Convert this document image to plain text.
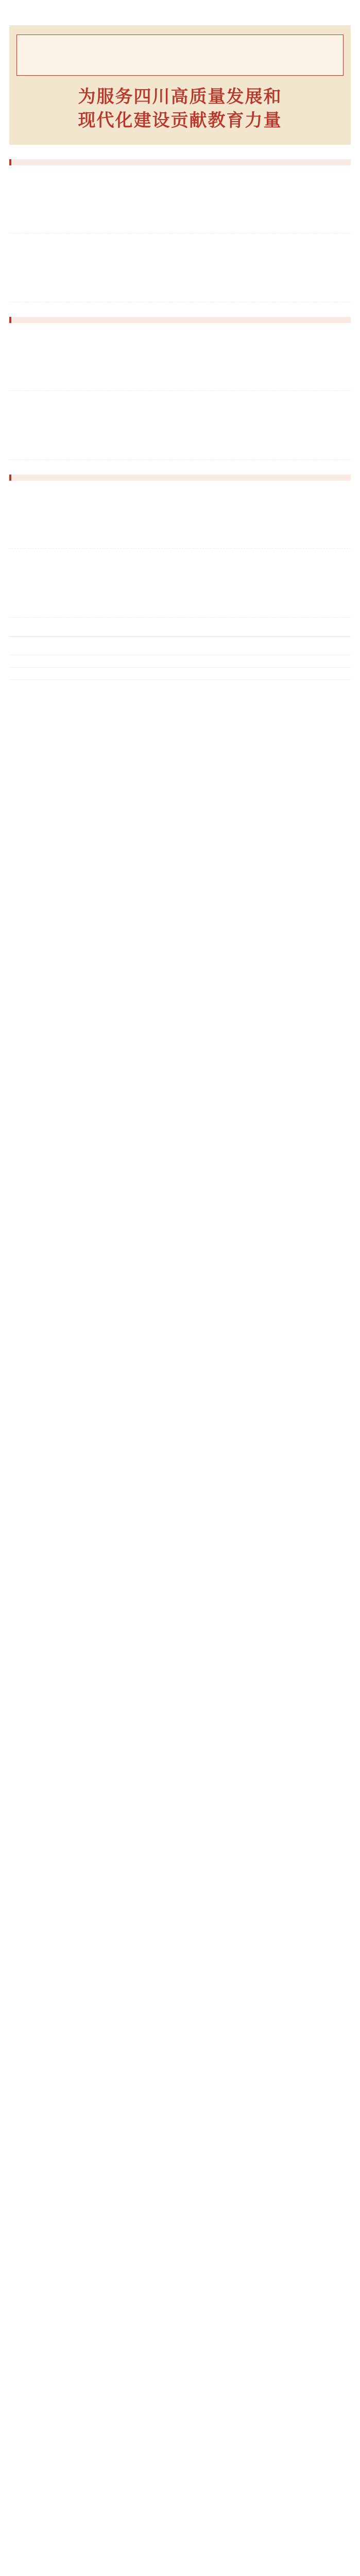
为服务四川高质量发展和
现代化建设贡献教育力量
